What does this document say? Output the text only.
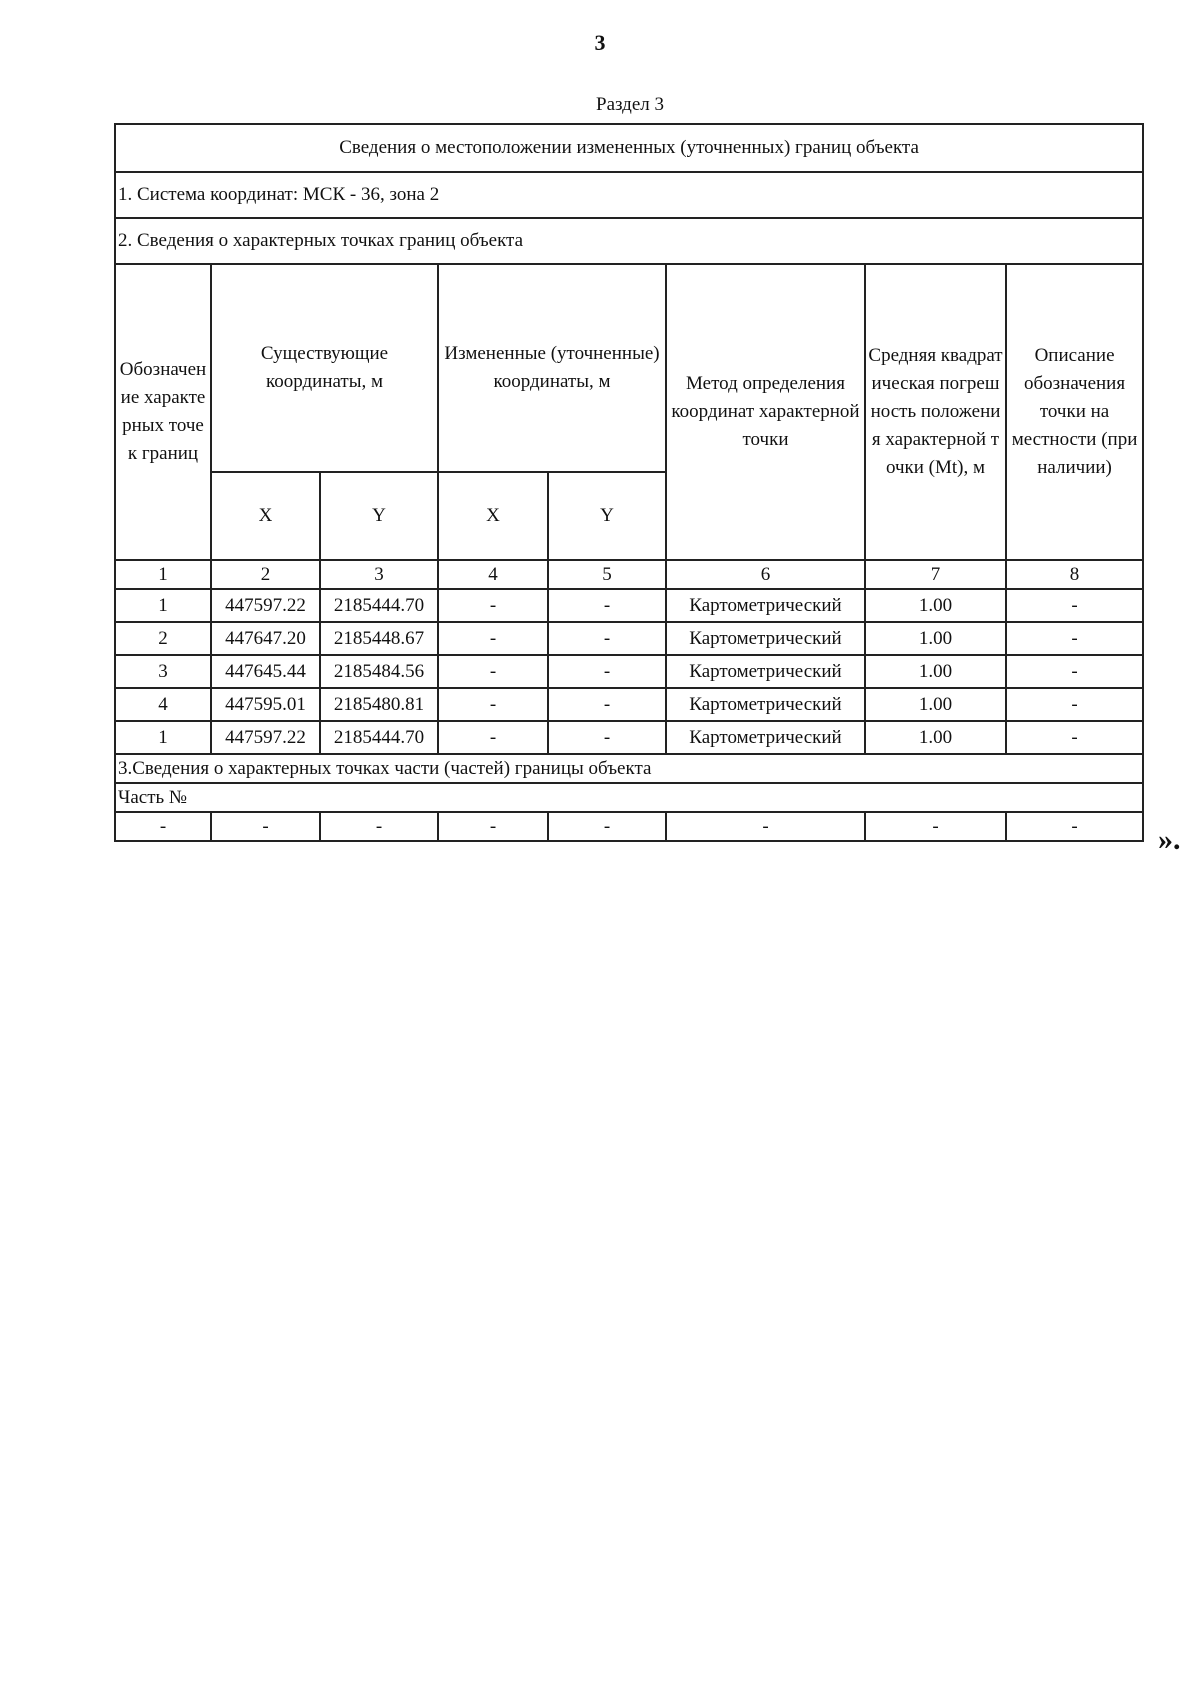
3
Раздел 3
Сведения о местоположении измененных (уточненных) границ объекта							
1. Система координат: МСК - 36, зона 2							
2. Сведения о характерных точках границ объекта							
Обозначение характерных точек границ	Существующие координаты, м		Измененные (уточненные) координаты, м		Метод определения координат характерной точки	Средняя квадратическая погрешность положения характерной точки (Mt), м	Описание обозначения точки на местности (при наличии)
	X	Y	X	Y			
1	2	3	4	5	6	7	8
1	447597.22	2185444.70	-	-	Картометрический	1.00	-
2	447647.20	2185448.67	-	-	Картометрический	1.00	-
3	447645.44	2185484.56	-	-	Картометрический	1.00	-
4	447595.01	2185480.81	-	-	Картометрический	1.00	-
1	447597.22	2185444.70	-	-	Картометрический	1.00	-
3.Сведения о характерных точках части (частей) границы объекта							
Часть №							
-	-	-	-	-	-	-	-	».
